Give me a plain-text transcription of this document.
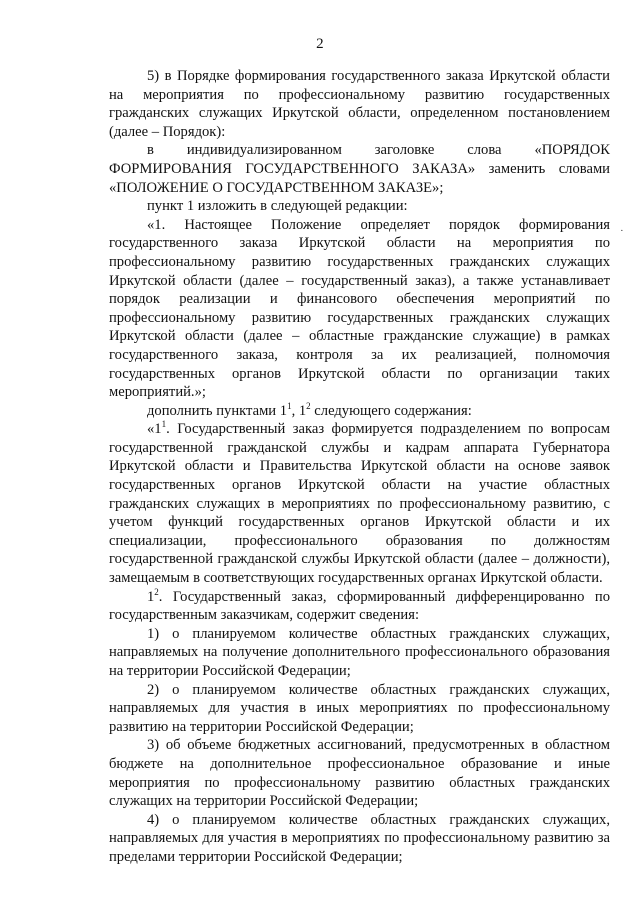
2

5) в Порядке формирования государственного заказа Иркутской области на мероприятия по профессиональному развитию государственных гражданских служащих Иркутской области, определенном постановлением (далее – Порядок):

в индивидуализированном заголовке слова «ПОРЯДОК ФОРМИРОВАНИЯ ГОСУДАРСТВЕННОГО ЗАКАЗА» заменить словами «ПОЛОЖЕНИЕ О ГОСУДАРСТВЕННОМ ЗАКАЗЕ»;

пункт 1 изложить в следующей редакции:

«1. Настоящее Положение определяет порядок формирования государственного заказа Иркутской области на мероприятия по профессиональному развитию государственных гражданских служащих Иркутской области (далее – государственный заказ), а также устанавливает порядок реализации и финансового обеспечения мероприятий по профессиональному развитию государственных гражданских служащих Иркутской области (далее – областные гражданские служащие) в рамках государственного заказа, контроля за их реализацией, полномочия государственных органов Иркутской области по организации таких мероприятий.»;

дополнить пунктами $1^1$, $1^2$ следующего содержания:

«$1^1$. Государственный заказ формируется подразделением по вопросам государственной гражданской службы и кадрам аппарата Губернатора Иркутской области и Правительства Иркутской области на основе заявок государственных органов Иркутской области на участие областных гражданских служащих в мероприятиях по профессиональному развитию, с учетом функций государственных органов Иркутской области и их специализации, профессионального образования по должностям государственной гражданской службы Иркутской области (далее – должности), замещаемым в соответствующих государственных органах Иркутской области.

$1^2$. Государственный заказ, сформированный дифференцированно по государственным заказчикам, содержит сведения:

1) о планируемом количестве областных гражданских служащих, направляемых на получение дополнительного профессионального образования на территории Российской Федерации;

2) о планируемом количестве областных гражданских служащих, направляемых для участия в иных мероприятиях по профессиональному развитию на территории Российской Федерации;

3) об объеме бюджетных ассигнований, предусмотренных в областном бюджете на дополнительное профессиональное образование и иные мероприятия по профессиональному развитию областных гражданских служащих на территории Российской Федерации;

4) о планируемом количестве областных гражданских служащих, направляемых для участия в мероприятиях по профессиональному развитию за пределами территории Российской Федерации;

·
